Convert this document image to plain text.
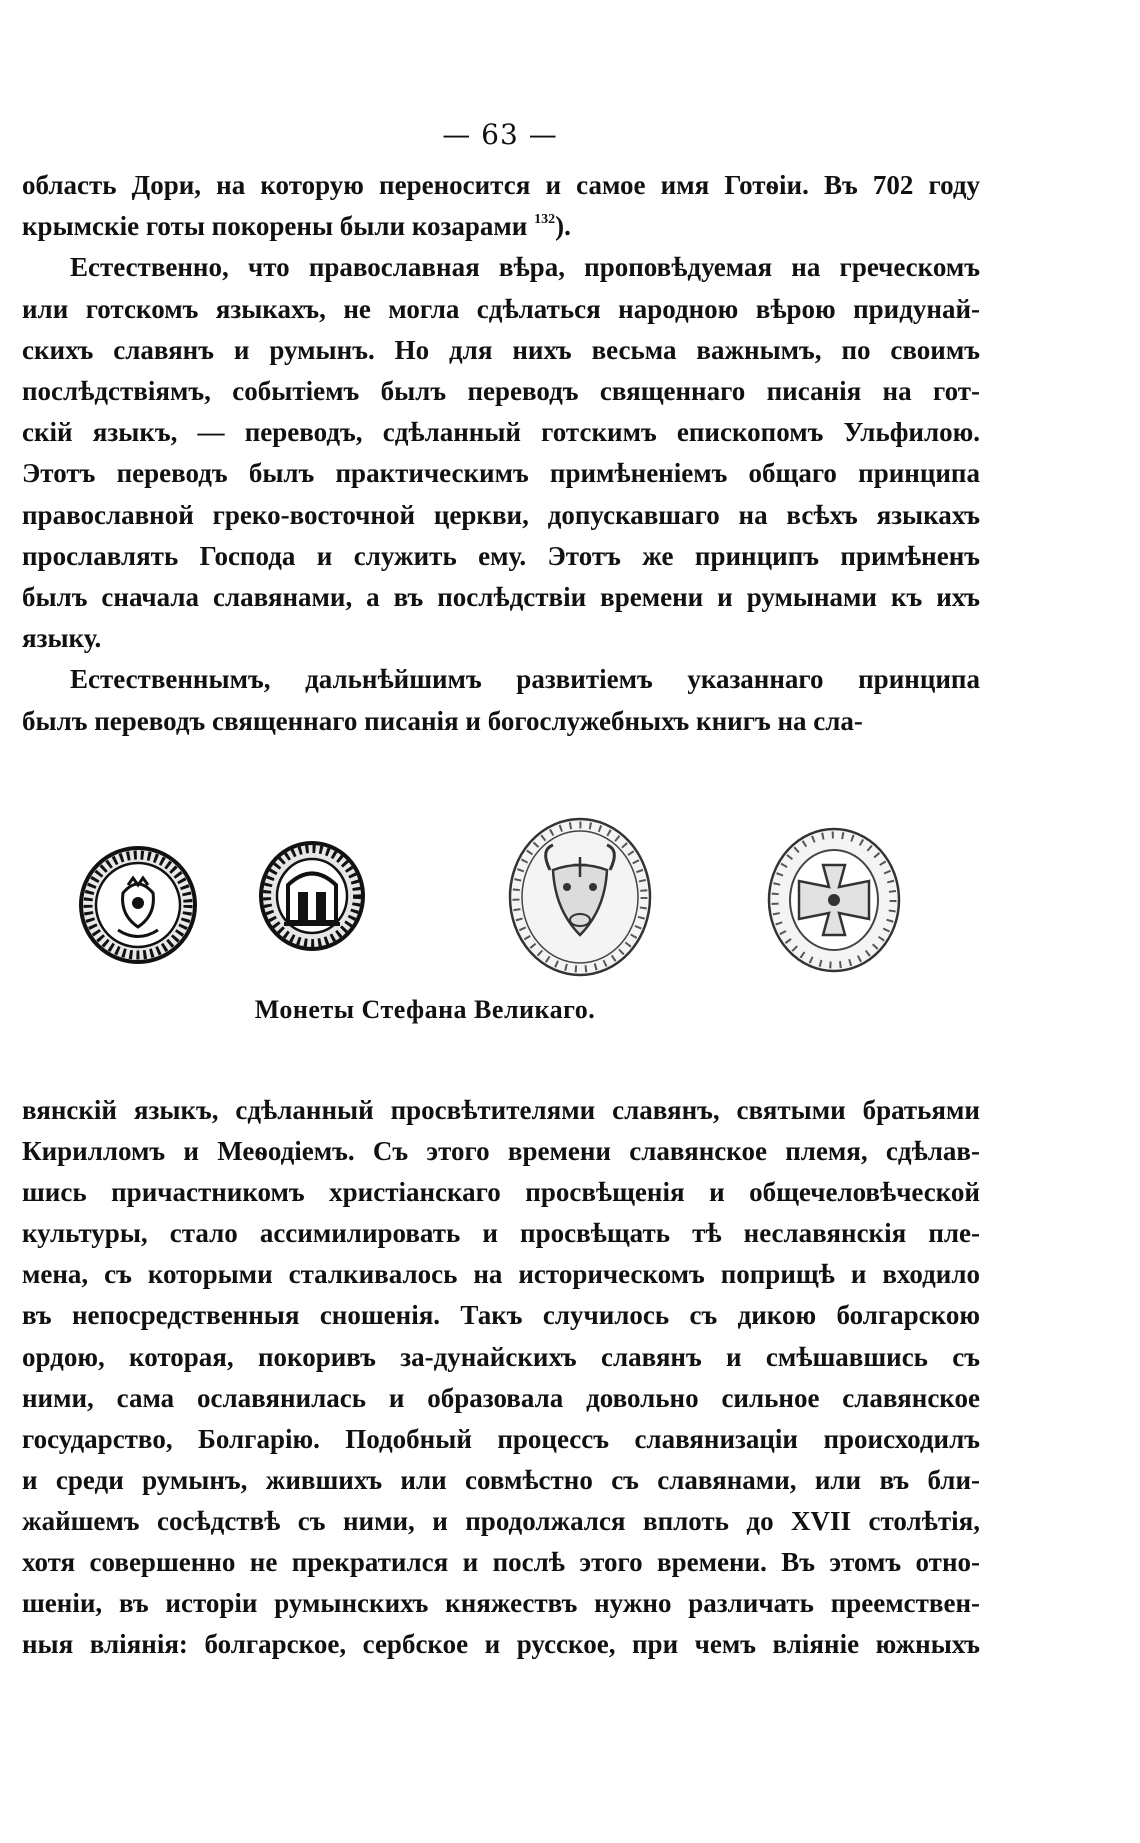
— 63 —
область Дори, на которую переносится и самое имя Готѳіи. Въ 702 году
крымскіе готы покорены были козарами $^{132}$).
Естественно, что православная вѣра, проповѣдуемая на греческомъ
или готскомъ языкахъ, не могла сдѣлаться народною вѣрою придунай-
скихъ славянъ и румынъ. Но для нихъ весьма важнымъ, по своимъ
послѣдствіямъ, событіемъ былъ переводъ священнаго писанія на гот-
скій языкъ, — переводъ, сдѣланный готскимъ епископомъ Ульфилою.
Этотъ переводъ былъ практическимъ примѣненіемъ общаго принципа
православной греко-восточной церкви, допускавшаго на всѣхъ языкахъ
прославлять Господа и служить ему. Этотъ же принципъ примѣненъ
былъ сначала славянами, а въ послѣдствіи времени и румынами къ ихъ
языку.
Естественнымъ, дальнѣйшимъ развитіемъ указаннаго принципа
былъ переводъ священнаго писанія и богослужебныхъ книгъ на сла-
Монеты Стефана Великаго.
вянскій языкъ, сдѣланный просвѣтителями славянъ, святыми братьями
Кирилломъ и Меѳодіемъ. Съ этого времени славянское племя, сдѣлав-
шись причастникомъ христіанскаго просвѣщенія и общечеловѣческой
культуры, стало ассимилировать и просвѣщать тѣ неславянскія пле-
мена, съ которыми сталкивалось на историческомъ поприщѣ и входило
въ непосредственныя сношенія. Такъ случилось съ дикою болгарскою
ордою, которая, покоривъ за-дунайскихъ славянъ и смѣшавшись съ
ними, сама ославянилась и образовала довольно сильное славянское
государство, Болгарію. Подобный процессъ славянизаціи происходилъ
и среди румынъ, жившихъ или совмѣстно съ славянами, или въ бли-
жайшемъ сосѣдствѣ съ ними, и продолжался вплоть до XVII столѣтія,
хотя совершенно не прекратился и послѣ этого времени. Въ этомъ отно-
шеніи, въ исторіи румынскихъ княжествъ нужно различать преемствен-
ныя вліянія: болгарское, сербское и русское, при чемъ вліяніе южныхъ
